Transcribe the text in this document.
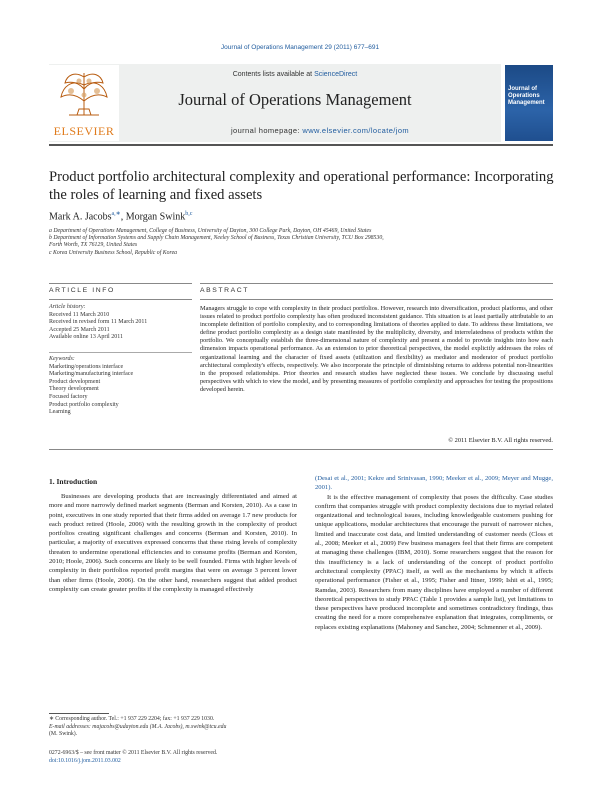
Journal of Operations Management 29 (2011) 677–691
ELSEVIER
Contents lists available at ScienceDirect
Journal of Operations Management
journal homepage: www.elsevier.com/locate/jom
Journal of Operations Management
Product portfolio architectural complexity and operational performance: Incorporating the roles of learning and fixed assets
Mark A. Jacobs$^{a,∗}$, Morgan Swink$^{b,c}$
a Department of Operations Management, College of Business, University of Dayton, 300 College Park, Dayton, OH 45469, United States
b Department of Information Systems and Supply Chain Management, Neeley School of Business, Texas Christian University, TCU Box 298530,
Forth Worth, TX 76129, United States
c Korea University Business School, Republic of Korea
ARTICLE INFO
Article history:
Received 11 March 2010
Received in revised form 11 March 2011
Accepted 25 March 2011
Available online 13 April 2011
Keywords:
Marketing/operations interface
Marketing/manufacturing interface
Product development
Theory development
Focused factory
Product portfolio complexity
Learning
ABSTRACT
Managers struggle to cope with complexity in their product portfolios. However, research into diversification, product platforms, and other issues related to product portfolio complexity has often produced inconsistent guidance. This situation is at least partially attributable to an incomplete definition of portfolio complexity, and to corresponding limitations of theories applied to date. To address these limitations, we define product portfolio complexity as a design state manifested by the multiplicity, diversity, and interrelatedness of products within the portfolio. We conceptually establish the three-dimensional nature of complexity and present a model to provide insights into how each dimension impacts operational performance. As an extension to prior theoretical perspectives, the model explicitly addresses the roles of organizational learning and the character of fixed assets (utilization and flexibility) as mediator and moderator of product portfolio architectural complexity's effects, respectively. We also incorporate the principle of diminishing returns to address potential non-linearities in the proposed relationships. Prior theories and research studies have neglected these issues. We conclude by discussing useful perspectives with which to view the model, and by presenting measures of portfolio complexity and approaches for testing the propositions developed herein.
© 2011 Elsevier B.V. All rights reserved.
1. Introduction
Businesses are developing products that are increasingly differentiated and aimed at more and more narrowly defined market segments (Berman and Korsten, 2010). As a case in point, executives in one study reported that their firms added on average 1.7 new products for each product retired (Hoole, 2006) with the resulting growth in the complexity of product portfolios creating significant challenges and concerns (Berman and Korsten, 2010). In particular, a majority of executives expressed concerns that these rising levels of complexity threaten to undermine operational efficiencies and to consume profits (Berman and Korsten, 2010; Hoole, 2006). Such concerns are likely to be well founded. Firms with higher levels of complexity in their portfolios reported profit margins that were on average 3 percent lower than other firms (Hoole, 2006). On the other hand, researchers suggest that added product complexity can create greater profits if the complexity is managed effectively

(Desai et al., 2001; Kekre and Srinivasan, 1990; Meeker et al., 2009; Meyer and Mugge, 2001).

It is the effective management of complexity that poses the difficulty. Case studies confirm that companies struggle with product complexity decisions due to myriad related organizational and technological issues, including knowledgeable customers pushing for unique applications, modular architectures that encourage the pursuit of narrower niches, limited and inaccurate cost data, and limited understanding of customer needs (Closs et al., 2008; Meeker et al., 2009) Few business managers feel that their firms are competent at managing these challenges (IBM, 2010). Some researchers suggest that the reason for this insufficiency is a lack of understanding of the concept of product portfolio architectural complexity (PPAC) itself, as well as the mechanisms by which it affects operational performance (Fisher et al., 1995; Fisher and Ittner, 1999; Ishii et al., 1995; Ramdas, 2003). Researchers from many disciplines have employed a number of different theoretical perspectives to study PPAC (Table 1 provides a sample list), yet limitations to these perspectives have produced incomplete and sometimes contradictory findings, thus creating the need for a more comprehensive explanation that integrates, compliments, or replaces existing explanations (Mahoney and Sanchez, 2004; Schmenner et al., 2009).

∗ Corresponding author. Tel.: +1 937 229 2204; fax: +1 937 229 1030.
E-mail addresses: majacobs@udayton.edu (M.A. Jacobs), m.swink@tcu.edu
(M. Swink).
0272-6963/$ – see front matter © 2011 Elsevier B.V. All rights reserved.
doi:10.1016/j.jom.2011.03.002
